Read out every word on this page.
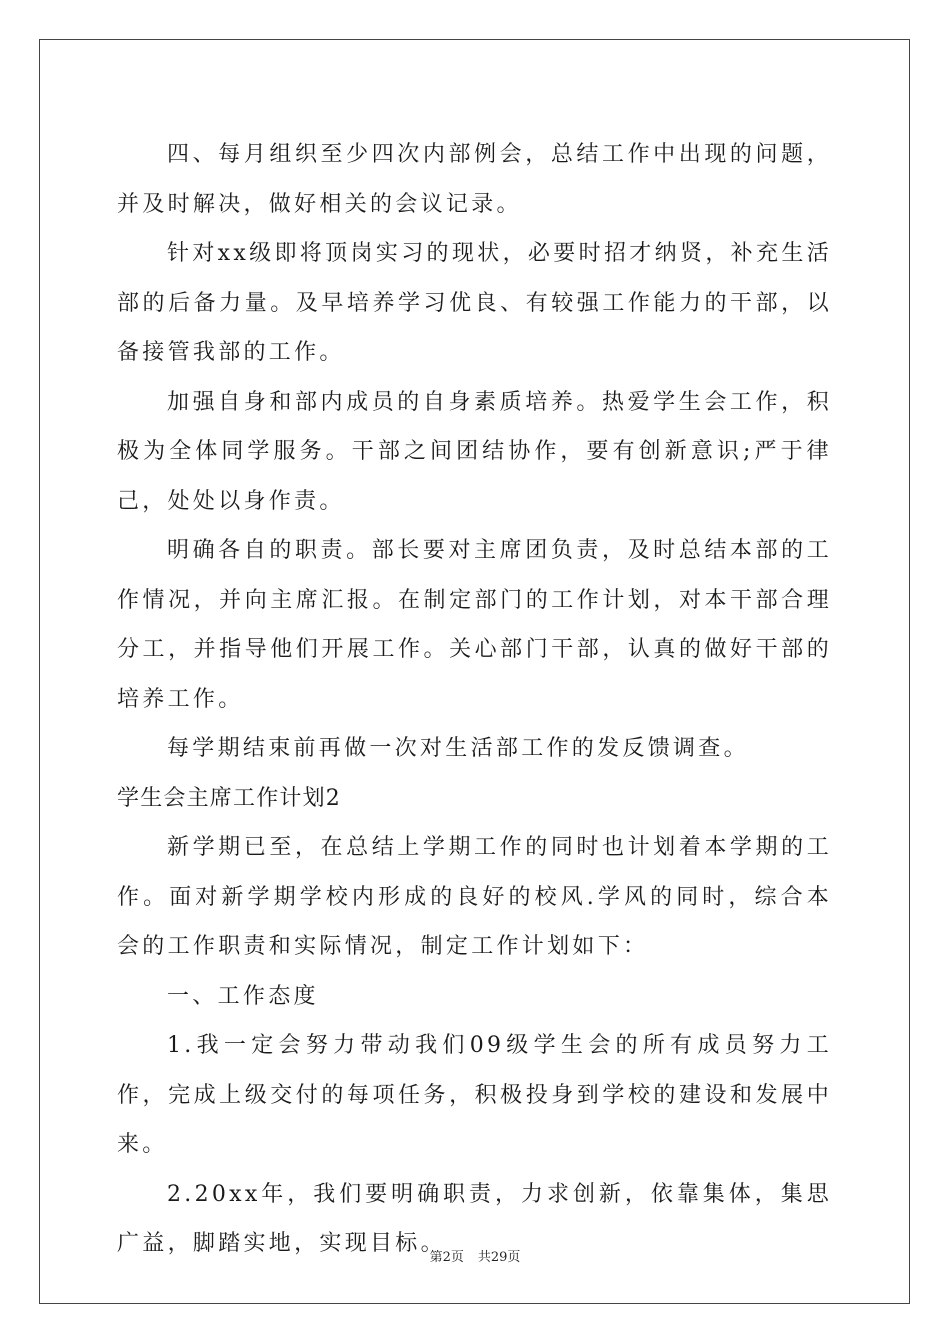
四、每月组织至少四次内部例会，总结工作中出现的问题，并及时解决，做好相关的会议记录。

针对xx级即将顶岗实习的现状，必要时招才纳贤，补充生活部的后备力量。及早培养学习优良、有较强工作能力的干部，以备接管我部的工作。

加强自身和部内成员的自身素质培养。热爱学生会工作，积极为全体同学服务。干部之间团结协作，要有创新意识;严于律己，处处以身作责。

明确各自的职责。部长要对主席团负责，及时总结本部的工作情况，并向主席汇报。在制定部门的工作计划，对本干部合理分工，并指导他们开展工作。关心部门干部，认真的做好干部的培养工作。

每学期结束前再做一次对生活部工作的发反馈调查。

学生会主席工作计划2

新学期已至，在总结上学期工作的同时也计划着本学期的工作。面对新学期学校内形成的良好的校风.学风的同时，综合本会的工作职责和实际情况，制定工作计划如下：

一、工作态度

1.我一定会努力带动我们09级学生会的所有成员努力工作，完成上级交付的每项任务，积极投身到学校的建设和发展中来。

2.20xx年，我们要明确职责，力求创新，依靠集体，集思广益，脚踏实地，实现目标。

第2页 共29页
